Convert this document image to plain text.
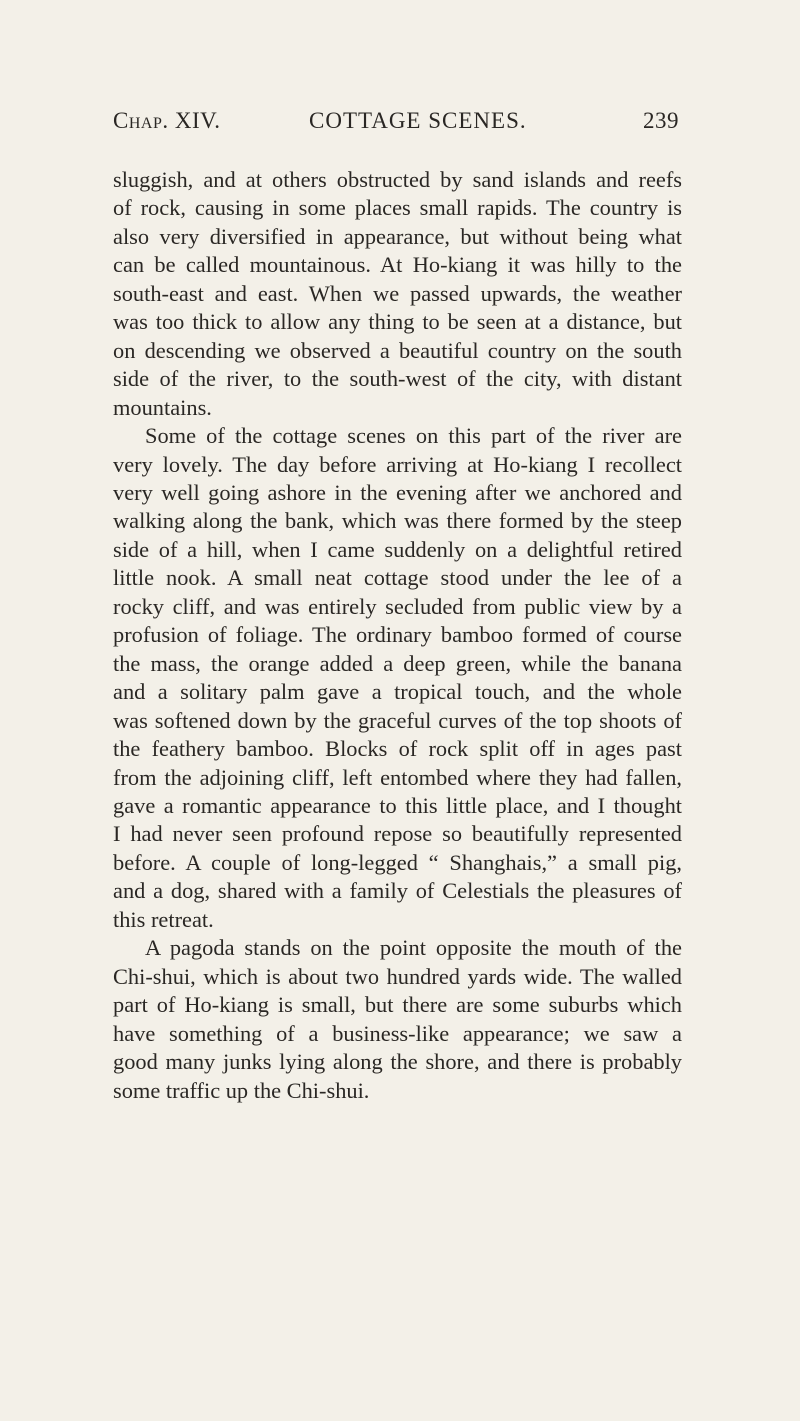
Chap. XIV.	COTTAGE SCENES.	239

sluggish, and at others obstructed by sand islands and reefs
of rock, causing in some places small rapids. The country is
also very diversified in appearance, but without being what
can be called mountainous. At Ho-kiang it was hilly to the
south-east and east. When we passed upwards, the weather
was too thick to allow any thing to be seen at a distance, but
on descending we observed a beautiful country on the south
side of the river, to the south-west of the city, with distant
mountains.

Some of the cottage scenes on this part of the river are
very lovely. The day before arriving at Ho-kiang I recollect
very well going ashore in the evening after we anchored and
walking along the bank, which was there formed by the steep
side of a hill, when I came suddenly on a delightful retired
little nook. A small neat cottage stood under the lee of a
rocky cliff, and was entirely secluded from public view by a
profusion of foliage. The ordinary bamboo formed of course
the mass, the orange added a deep green, while the banana
and a solitary palm gave a tropical touch, and the whole
was softened down by the graceful curves of the top shoots of
the feathery bamboo. Blocks of rock split off in ages past
from the adjoining cliff, left entombed where they had fallen,
gave a romantic appearance to this little place, and I thought
I had never seen profound repose so beautifully represented
before. A couple of long-legged “ Shanghais,” a small pig,
and a dog, shared with a family of Celestials the pleasures of
this retreat.

A pagoda stands on the point opposite the mouth of the
Chi-shui, which is about two hundred yards wide. The walled
part of Ho-kiang is small, but there are some suburbs which
have something of a business-like appearance; we saw a
good many junks lying along the shore, and there is probably
some traffic up the Chi-shui.
